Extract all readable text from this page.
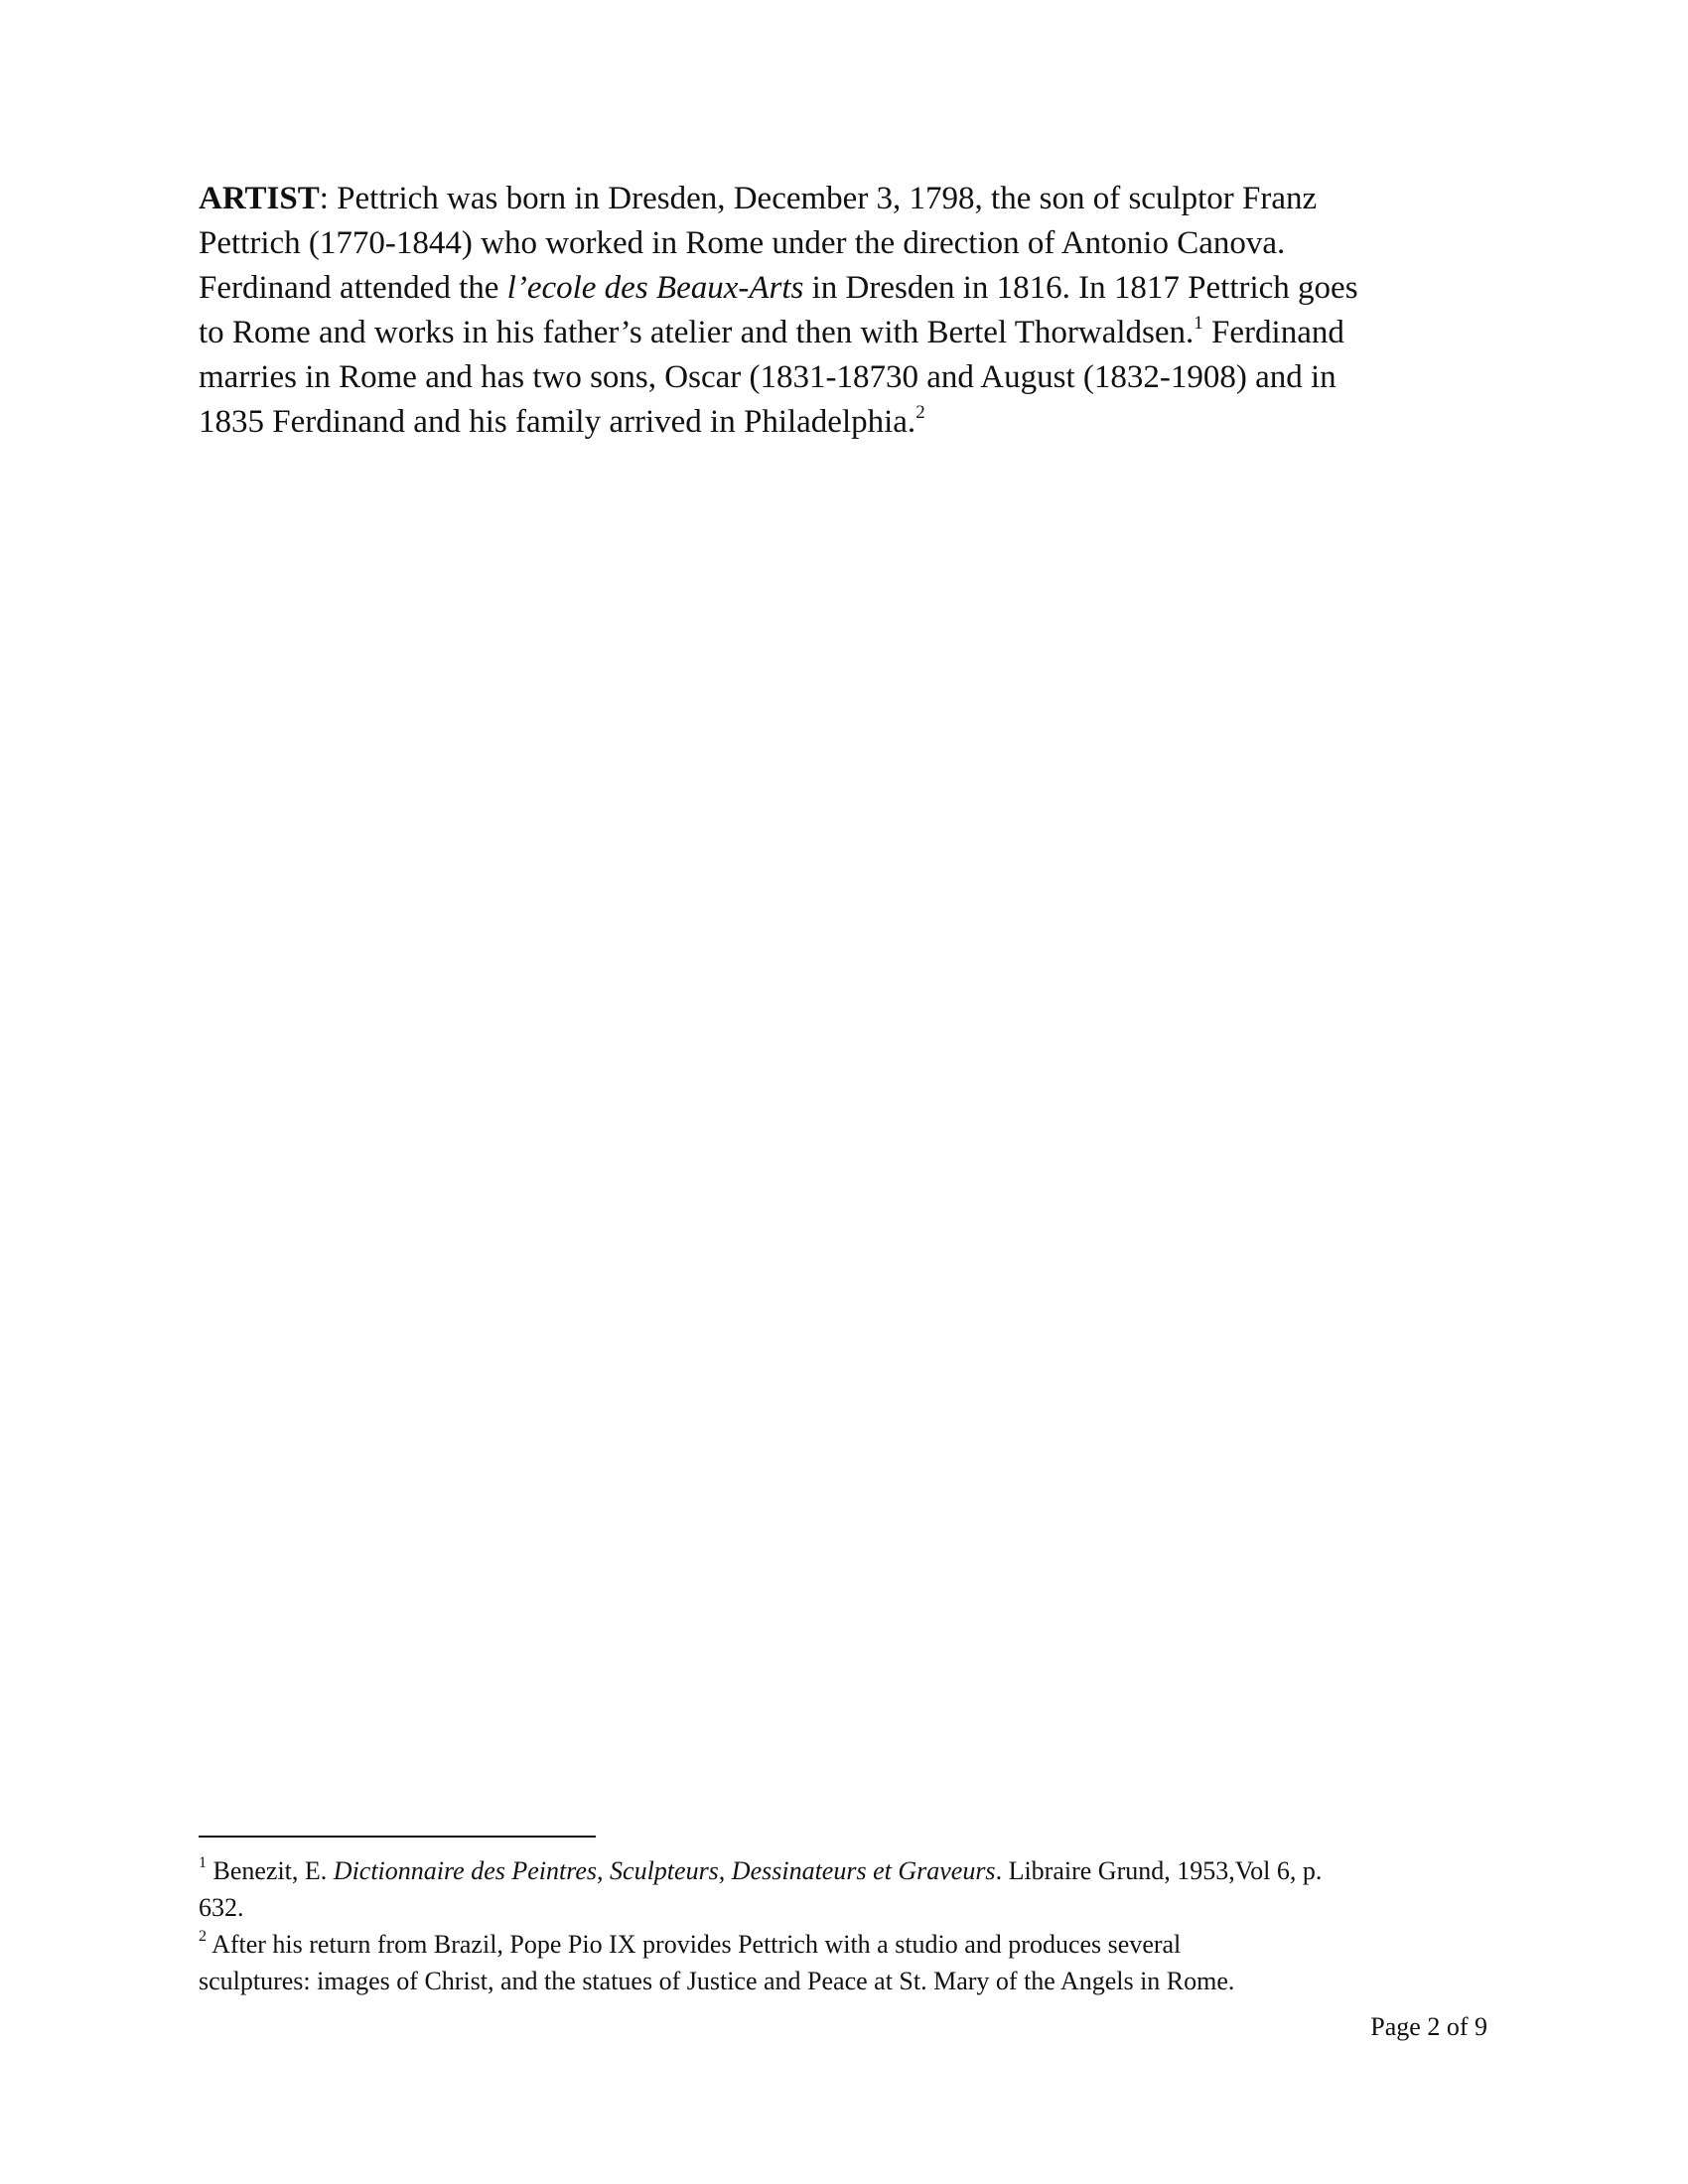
ARTIST: Pettrich was born in Dresden, December 3, 1798, the son of sculptor Franz
Pettrich (1770-1844) who worked in Rome under the direction of Antonio Canova.
Ferdinand attended the l’ecole des Beaux-Arts in Dresden in 1816. In 1817 Pettrich goes
to Rome and works in his father’s atelier and then with Bertel Thorwaldsen.$^1$ Ferdinand
marries in Rome and has two sons, Oscar (1831-18730 and August (1832-1908) and in
1835 Ferdinand and his family arrived in Philadelphia.$^2$

$^1$ Benezit, E. Dictionnaire des Peintres, Sculpteurs, Dessinateurs et Graveurs. Libraire Grund, 1953,Vol 6, p.
632.
$^2$ After his return from Brazil, Pope Pio IX provides Pettrich with a studio and produces several
sculptures: images of Christ, and the statues of Justice and Peace at St. Mary of the Angels in Rome.
Page 2 of 9
